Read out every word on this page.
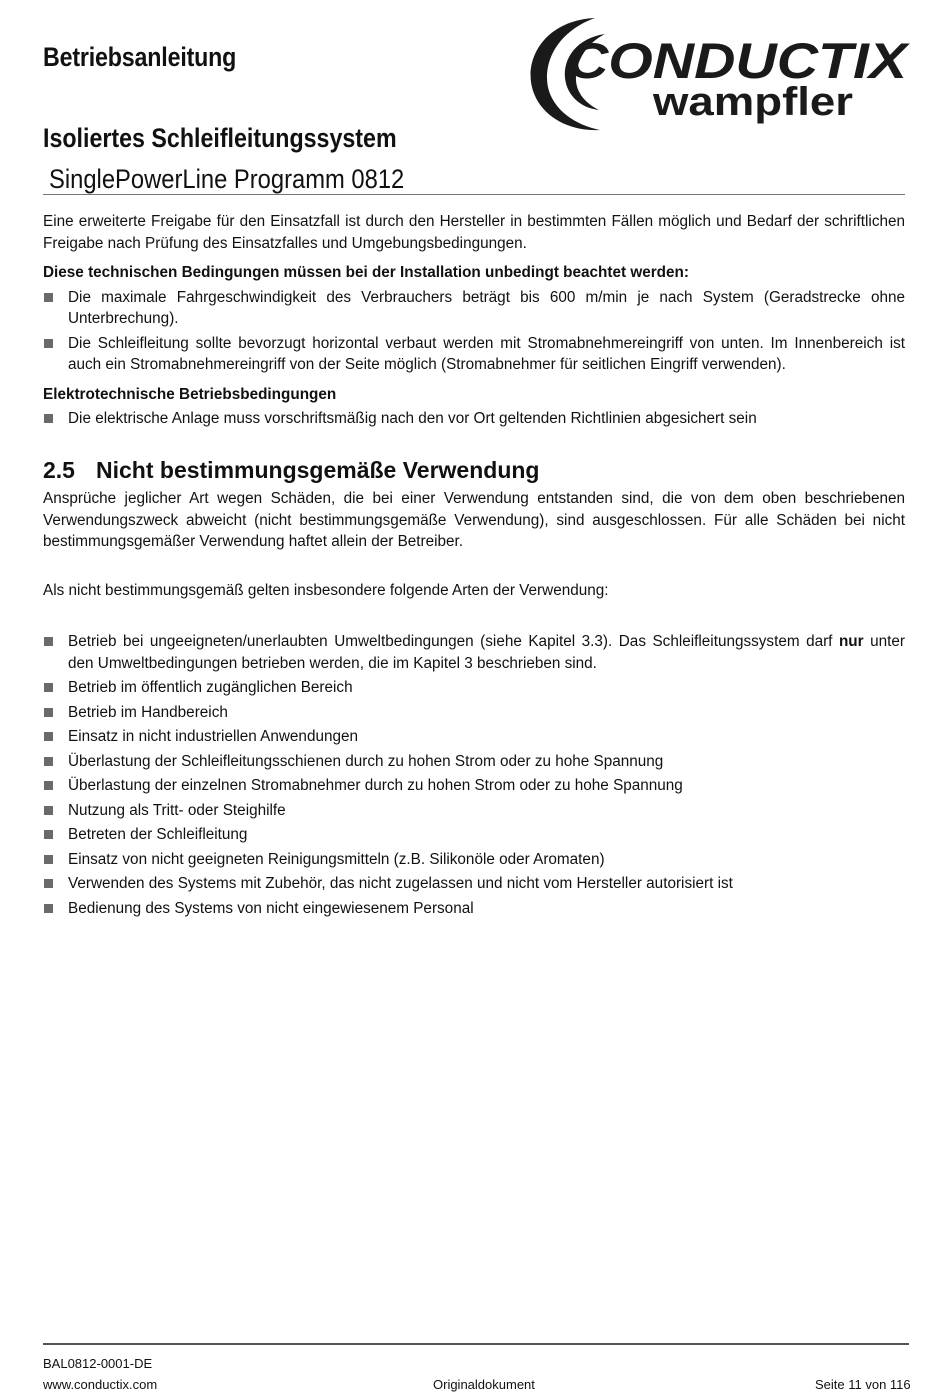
Betriebsanleitung	CONDUCTIX
wampfler
Isoliertes Schleifleitungssystem
SinglePowerLine Programm 0812

Eine erweiterte Freigabe für den Einsatzfall ist durch den Hersteller in bestimmten Fällen möglich und Bedarf der schriftlichen Freigabe nach Prüfung des Einsatzfalles und Umgebungsbedingungen.

Diese technischen Bedingungen müssen bei der Installation unbedingt beachtet werden:

Die maximale Fahrgeschwindigkeit des Verbrauchers beträgt bis 600 m/min je nach System (Geradstrecke ohne Unterbrechung).
Die Schleifleitung sollte bevorzugt horizontal verbaut werden mit Stromabnehmereingriff von unten. Im Innenbereich ist auch ein Stromabnehmereingriff von der Seite möglich (Stromabnehmer für seitlichen Eingriff verwenden).

Elektrotechnische Betriebsbedingungen

Die elektrische Anlage muss vorschriftsmäßig nach den vor Ort geltenden Richtlinien abgesichert sein

2.5 Nicht bestimmungsgemäße Verwendung

Ansprüche jeglicher Art wegen Schäden, die bei einer Verwendung entstanden sind, die von dem oben beschriebenen Verwendungszweck abweicht (nicht bestimmungsgemäße Verwendung), sind ausgeschlossen. Für alle Schäden bei nicht bestimmungsgemäßer Verwendung haftet allein der Betreiber.

Als nicht bestimmungsgemäß gelten insbesondere folgende Arten der Verwendung:

Betrieb bei ungeeigneten/unerlaubten Umweltbedingungen (siehe Kapitel 3.3). Das Schleifleitungssystem darf nur unter den Umweltbedingungen betrieben werden, die im Kapitel 3 beschrieben sind.
Betrieb im öffentlich zugänglichen Bereich
Betrieb im Handbereich
Einsatz in nicht industriellen Anwendungen
Überlastung der Schleifleitungsschienen durch zu hohen Strom oder zu hohe Spannung
Überlastung der einzelnen Stromabnehmer durch zu hohen Strom oder zu hohe Spannung
Nutzung als Tritt- oder Steighilfe
Betreten der Schleifleitung
Einsatz von nicht geeigneten Reinigungsmitteln (z.B. Silikonöle oder Aromaten)
Verwenden des Systems mit Zubehör, das nicht zugelassen und nicht vom Hersteller autorisiert ist
Bedienung des Systems von nicht eingewiesenem Personal
BAL0812-0001-DE
www.conductix.com	Originaldokument	Seite 11 von 116
